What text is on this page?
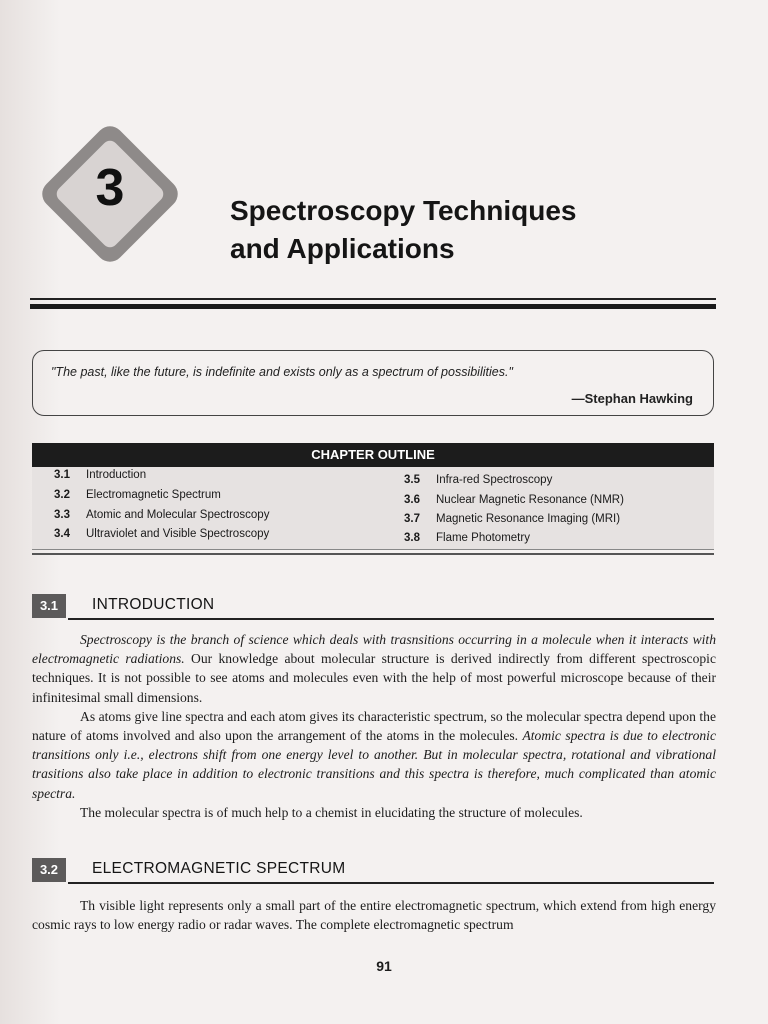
3	Spectroscopy Techniques
and Applications
"The past, like the future, is indefinite and exists only as a spectrum of possibilities."
—Stephan Hawking
CHAPTER OUTLINE
3.1	Introduction
3.2	Electromagnetic Spectrum
3.3	Atomic and Molecular Spectroscopy
3.4	Ultraviolet and Visible Spectroscopy
3.5	Infra-red Spectroscopy
3.6	Nuclear Magnetic Resonance (NMR)
3.7	Magnetic Resonance Imaging (MRI)
3.8	Flame Photometry
3.1	INTRODUCTION

Spectroscopy is the branch of science which deals with trasnsitions occurring in a molecule when it interacts with electromagnetic radiations. Our knowledge about molecular structure is derived indirectly from different spectroscopic techniques. It is not possible to see atoms and molecules even with the help of most powerful microscope because of their infinitesimal small dimensions.

As atoms give line spectra and each atom gives its characteristic spectrum, so the molecular spectra depend upon the nature of atoms involved and also upon the arrangement of the atoms in the molecules. Atomic spectra is due to electronic transitions only i.e., electrons shift from one energy level to another. But in molecular spectra, rotational and vibrational trasitions also take place in addition to electronic transitions and this spectra is therefore, much complicated than atomic spectra.

The molecular spectra is of much help to a chemist in elucidating the structure of molecules.

3.2	ELECTROMAGNETIC SPECTRUM

Th visible light represents only a small part of the entire electromagnetic spectrum, which extend from high energy cosmic rays to low energy radio or radar waves. The complete electromagnetic spectrum

91
